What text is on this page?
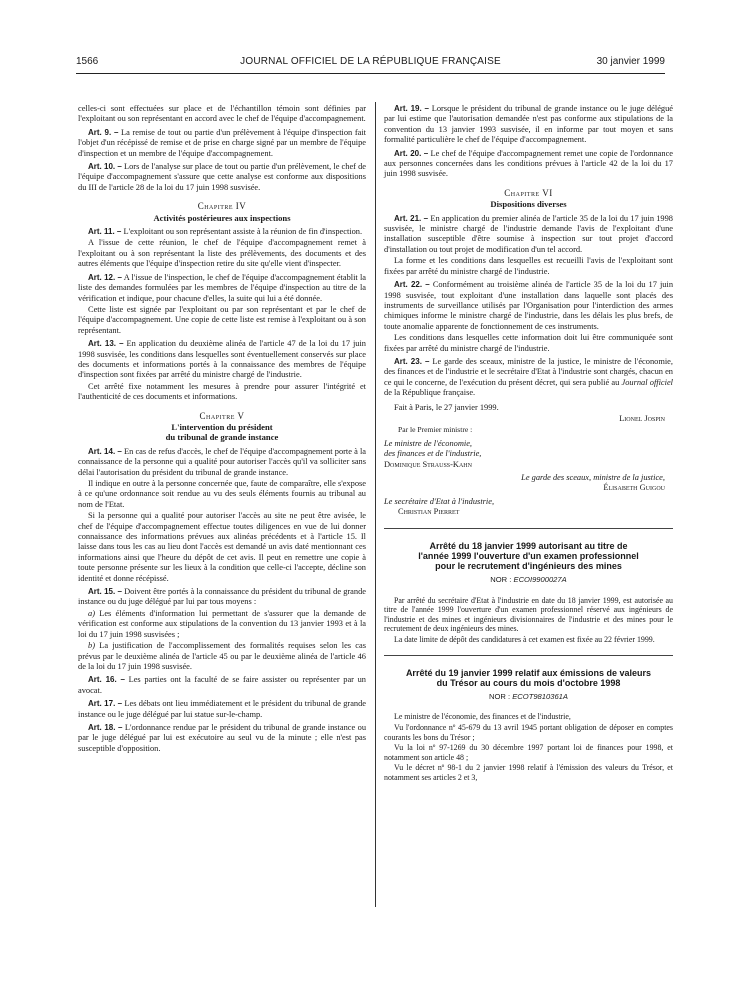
1566	JOURNAL OFFICIEL DE LA RÉPUBLIQUE FRANÇAISE	30 janvier 1999

celles-ci sont effectuées sur place et de l'échantillon témoin sont définies par l'exploitant ou son représentant en accord avec le chef de l'équipe d'accompagnement.

Art. 9. – La remise de tout ou partie d'un prélèvement à l'équipe d'inspection fait l'objet d'un récépissé de remise et de prise en charge signé par un membre de l'équipe d'inspection et un membre de l'équipe d'accompagnement.

Art. 10. – Lors de l'analyse sur place de tout ou partie d'un prélèvement, le chef de l'équipe d'accompagnement s'assure que cette analyse est conforme aux dispositions du III de l'article 28 de la loi du 17 juin 1998 susvisée.

Chapitre IV
Activités postérieures aux inspections

Art. 11. – L'exploitant ou son représentant assiste à la réunion de fin d'inspection.

A l'issue de cette réunion, le chef de l'équipe d'accompagnement remet à l'exploitant ou à son représentant la liste des prélèvements, des documents et des autres éléments que l'équipe d'inspection retire du site qu'elle vient d'inspecter.

Art. 12. – A l'issue de l'inspection, le chef de l'équipe d'accompagnement établit la liste des demandes formulées par les membres de l'équipe d'inspection au titre de la vérification et indique, pour chacune d'elles, la suite qui lui a été donnée.

Cette liste est signée par l'exploitant ou par son représentant et par le chef de l'équipe d'accompagnement. Une copie de cette liste est remise à l'exploitant ou à son représentant.

Art. 13. – En application du deuxième alinéa de l'article 47 de la loi du 17 juin 1998 susvisée, les conditions dans lesquelles sont éventuellement conservés sur place des documents et informations portés à la connaissance des membres de l'équipe d'inspection sont fixées par arrêté du ministre chargé de l'industrie.

Cet arrêté fixe notamment les mesures à prendre pour assurer l'intégrité et l'authenticité de ces documents et informations.

Chapitre V
L'intervention du président
du tribunal de grande instance

Art. 14. – En cas de refus d'accès, le chef de l'équipe d'accompagnement porte à la connaissance de la personne qui a qualité pour autoriser l'accès qu'il va solliciter sans délai l'autorisation du président du tribunal de grande instance.

Il indique en outre à la personne concernée que, faute de comparaître, elle s'expose à ce qu'une ordonnance soit rendue au vu des seuls éléments fournis au tribunal au nom de l'Etat.

Si la personne qui a qualité pour autoriser l'accès au site ne peut être avisée, le chef de l'équipe d'accompagnement effectue toutes diligences en vue de lui donner connaissance des informations prévues aux alinéas précédents et à l'article 15. Il laisse dans tous les cas au lieu dont l'accès est demandé un avis daté mentionnant ces informations ainsi que l'heure du dépôt de cet avis. Il peut en remettre une copie à toute personne présente sur les lieux à la condition que celle-ci l'accepte, décline son identité et donne récépissé.

Art. 15. – Doivent être portés à la connaissance du président du tribunal de grande instance ou du juge délégué par lui par tous moyens :

a) Les éléments d'information lui permettant de s'assurer que la demande de vérification est conforme aux stipulations de la convention du 13 janvier 1993 et à la loi du 17 juin 1998 susvisées ;

b) La justification de l'accomplissement des formalités requises selon les cas prévus par le deuxième alinéa de l'article 45 ou par le deuxième alinéa de l'article 46 de la loi du 17 juin 1998 susvisée.

Art. 16. – Les parties ont la faculté de se faire assister ou représenter par un avocat.

Art. 17. – Les débats ont lieu immédiatement et le président du tribunal de grande instance ou le juge délégué par lui statue sur-le-champ.

Art. 18. – L'ordonnance rendue par le président du tribunal de grande instance ou par le juge délégué par lui est exécutoire au seul vu de la minute ; elle n'est pas susceptible d'opposition.

Art. 19. – Lorsque le président du tribunal de grande instance ou le juge délégué par lui estime que l'autorisation demandée n'est pas conforme aux stipulations de la convention du 13 janvier 1993 susvisée, il en informe par tout moyen et sans formalité particulière le chef de l'équipe d'accompagnement.

Art. 20. – Le chef de l'équipe d'accompagnement remet une copie de l'ordonnance aux personnes concernées dans les conditions prévues à l'article 42 de la loi du 17 juin 1998 susvisée.

Chapitre VI
Dispositions diverses

Art. 21. – En application du premier alinéa de l'article 35 de la loi du 17 juin 1998 susvisée, le ministre chargé de l'industrie demande l'avis de l'exploitant d'une installation susceptible d'être soumise à inspection sur tout projet d'accord d'installation ou tout projet de modification d'un tel accord.

La forme et les conditions dans lesquelles est recueilli l'avis de l'exploitant sont fixées par arrêté du ministre chargé de l'industrie.

Art. 22. – Conformément au troisième alinéa de l'article 35 de la loi du 17 juin 1998 susvisée, tout exploitant d'une installation dans laquelle sont placés des instruments de surveillance utilisés par l'Organisation pour l'interdiction des armes chimiques informe le ministre chargé de l'industrie, dans les délais les plus brefs, de toute anomalie apparente de fonctionnement de ces instruments.

Les conditions dans lesquelles cette information doit lui être communiquée sont fixées par arrêté du ministre chargé de l'industrie.

Art. 23. – Le garde des sceaux, ministre de la justice, le ministre de l'économie, des finances et de l'industrie et le secrétaire d'Etat à l'industrie sont chargés, chacun en ce qui le concerne, de l'exécution du présent décret, qui sera publié au Journal officiel de la République française.

Fait à Paris, le 27 janvier 1999.

Lionel Jospin
Par le Premier ministre :
Le ministre de l'économie,
des finances et de l'industrie,
Dominique Strauss-Kahn
Le garde des sceaux, ministre de la justice,
Élisabeth Guigou
Le secrétaire d'Etat à l'industrie,
Christian Pierret
Arrêté du 18 janvier 1999 autorisant au titre de
l'année 1999 l'ouverture d'un examen professionnel
pour le recrutement d'ingénieurs des mines
NOR : ECOI9900027A

Par arrêté du secrétaire d'Etat à l'industrie en date du 18 janvier 1999, est autorisée au titre de l'année 1999 l'ouverture d'un examen professionnel réservé aux ingénieurs de l'industrie et des mines et ingénieurs divisionnaires de l'industrie et des mines pour le recrutement de deux ingénieurs des mines.

La date limite de dépôt des candidatures à cet examen est fixée au 22 février 1999.

Arrêté du 19 janvier 1999 relatif aux émissions de valeurs
du Trésor au cours du mois d'octobre 1998
NOR : ECOT9810361A

Le ministre de l'économie, des finances et de l'industrie,

Vu l'ordonnance nº 45-679 du 13 avril 1945 portant obligation de déposer en comptes courants les bons du Trésor ;

Vu la loi nº 97-1269 du 30 décembre 1997 portant loi de finances pour 1998, et notamment son article 48 ;

Vu le décret nº 98-1 du 2 janvier 1998 relatif à l'émission des valeurs du Trésor, et notamment ses articles 2 et 3,
